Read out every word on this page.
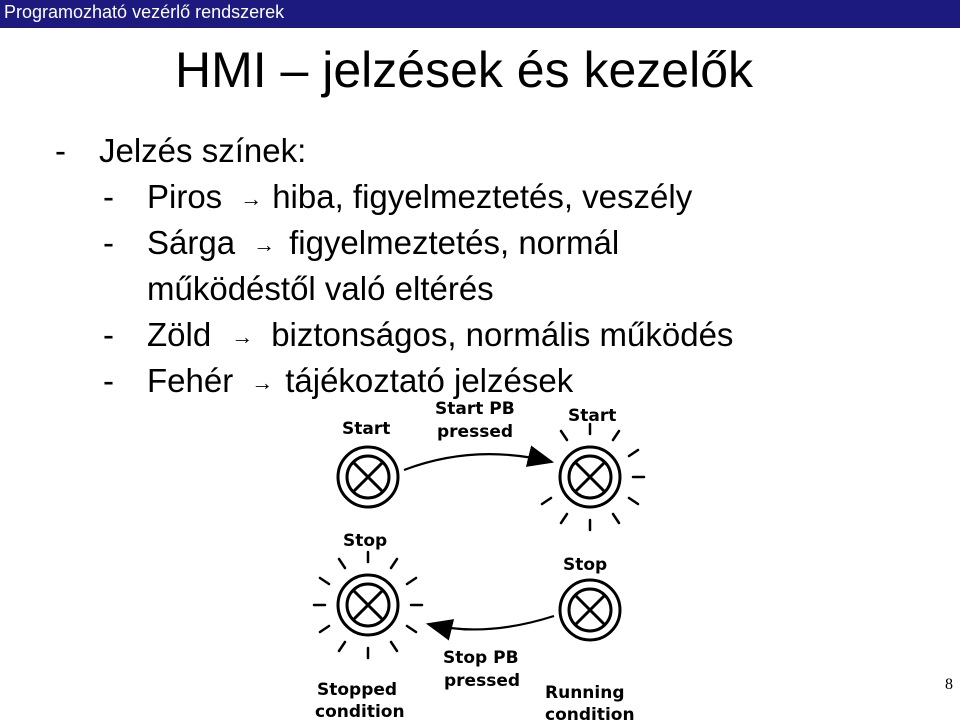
Programozható vezérlő rendszerek
HMI – jelzések és kezelők
- Jelzés színek:
- Piros → hiba, figyelmeztetés, veszély
- Sárga → figyelmeztetés, normál
működéstől való eltérés
- Zöld → biztonságos, normális működés
- Fehér → tájékoztató jelzések
Start
Start PB
pressed
Start
Stop
Stop
Stop PB
pressed
Stopped
condition
Running
condition
8
